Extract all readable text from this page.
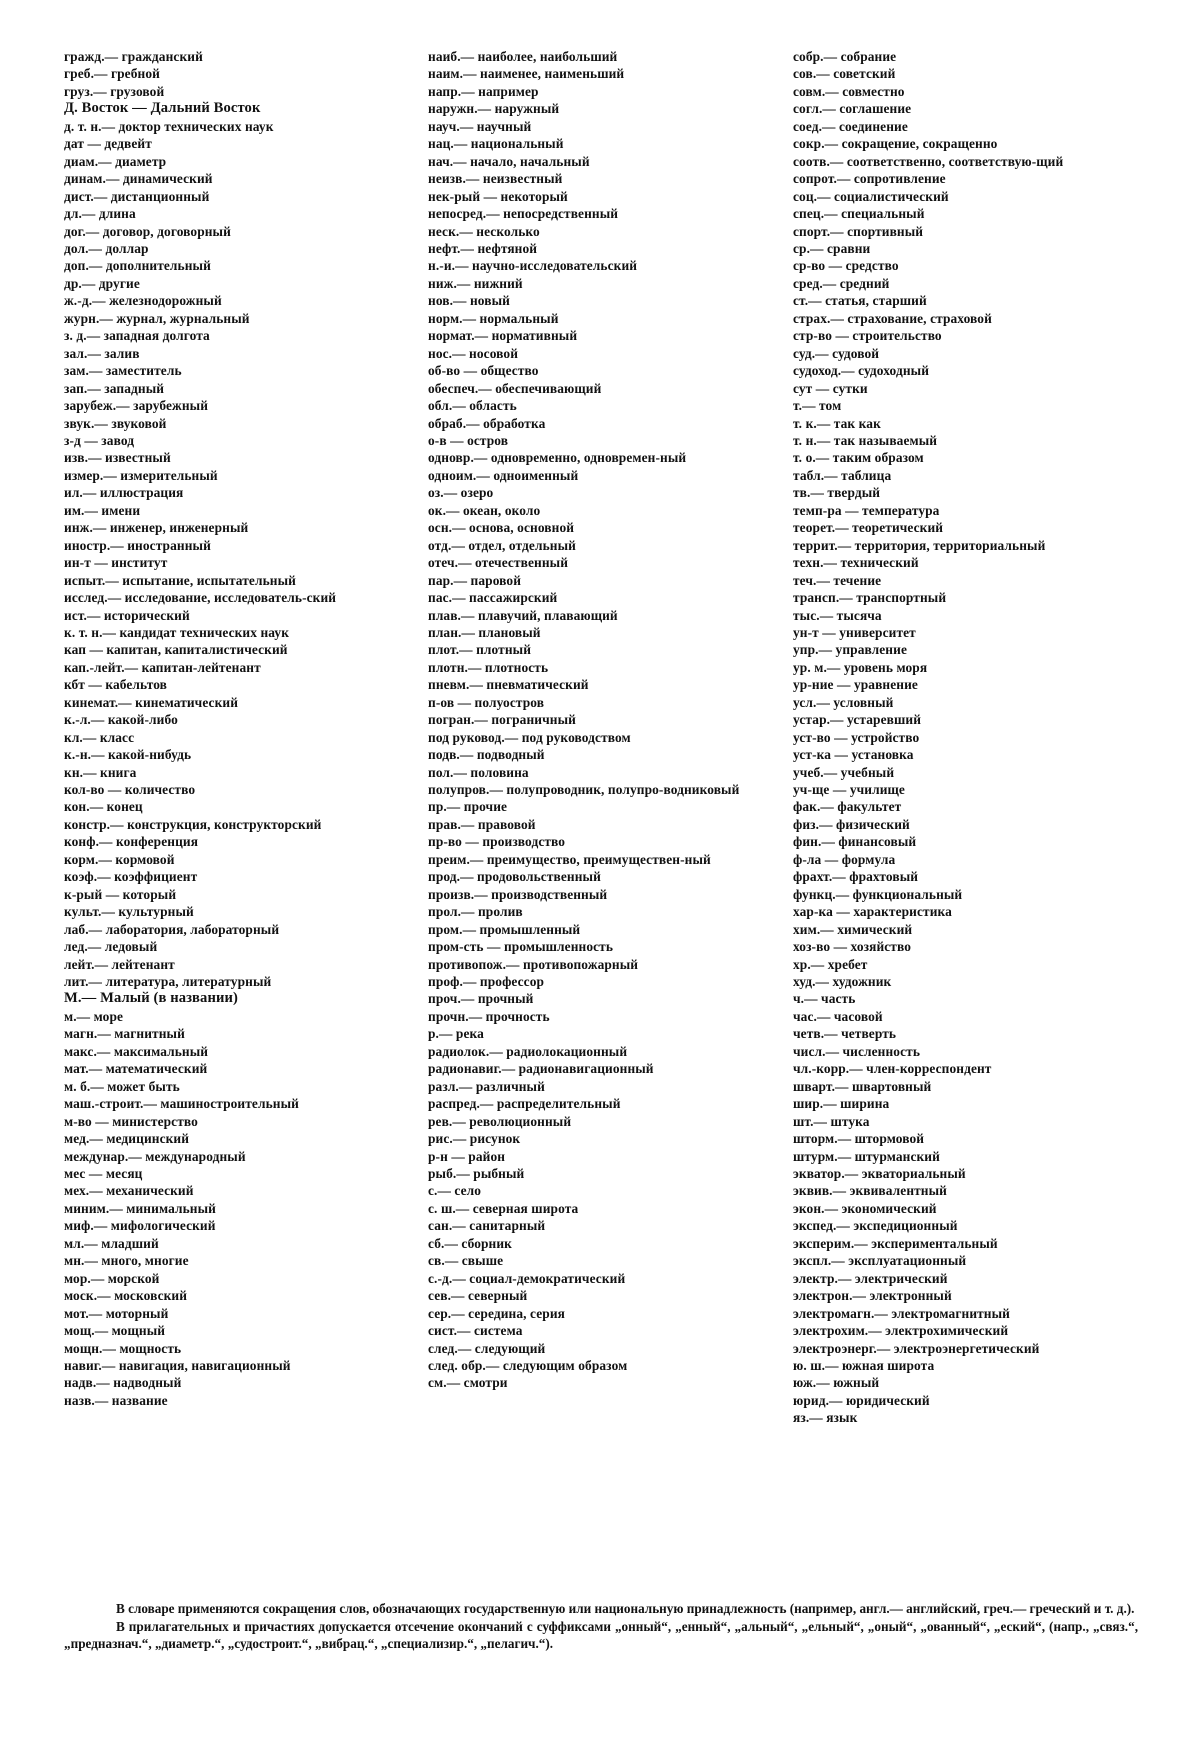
гражд.— гражданский

греб.— гребной

груз.— грузовой

Д. Восток — Дальний Восток

д. т. н.— доктор технических наук

дат — дедвейт

диам.— диаметр

динам.— динамический

дист.— дистанционный

дл.— длина

дог.— договор, договорный

дол.— доллар

доп.— дополнительный

др.— другие

ж.-д.— железнодорожный

журн.— журнал, журнальный

з. д.— западная долгота

зал.— залив

зам.— заместитель

зап.— западный

зарубеж.— зарубежный

звук.— звуковой

з-д — завод

изв.— известный

измер.— измерительный

ил.— иллюстрация

им.— имени

инж.— инженер, инженерный

иностр.— иностранный

ин-т — институт

испыт.— испытание, испытательный

исслед.— исследование, исследователь-ский

ист.— исторический

к. т. н.— кандидат технических наук

кап — капитан, капиталистический

кап.-лейт.— капитан-лейтенант

кбт — кабельтов

кинемат.— кинематический

к.-л.— какой-либо

кл.— класс

к.-н.— какой-нибудь

кн.— книга

кол-во — количество

кон.— конец

констр.— конструкция, конструкторский

конф.— конференция

корм.— кормовой

коэф.— коэффициент

к-рый — который

культ.— культурный

лаб.— лаборатория, лабораторный

лед.— ледовый

лейт.— лейтенант

лит.— литература, литературный

М.— Малый (в названии)

м.— море

магн.— магнитный

макс.— максимальный

мат.— математический

м. б.— может быть

маш.-строит.— машиностроительный

м-во — министерство

мед.— медицинский

междунар.— международный

мес — месяц

мех.— механический

миним.— минимальный

миф.— мифологический

мл.— младший

мн.— много, многие

мор.— морской

моск.— московский

мот.— моторный

мощ.— мощный

мощн.— мощность

навиг.— навигация, навигационный

надв.— надводный

назв.— название

наиб.— наиболее, наибольший

наим.— наименее, наименьший

напр.— например

наружн.— наружный

науч.— научный

нац.— национальный

нач.— начало, начальный

неизв.— неизвестный

нек-рый — некоторый

непосред.— непосредственный

неск.— несколько

нефт.— нефтяной

н.-и.— научно-исследовательский

ниж.— нижний

нов.— новый

норм.— нормальный

нормат.— нормативный

нос.— носовой

об-во — общество

обеспеч.— обеспечивающий

обл.— область

обраб.— обработка

о-в — остров

одновр.— одновременно, одновремен-ный

одноим.— одноименный

оз.— озеро

ок.— океан, около

осн.— основа, основной

отд.— отдел, отдельный

отеч.— отечественный

пар.— паровой

пас.— пассажирский

плав.— плавучий, плавающий

план.— плановый

плот.— плотный

плотн.— плотность

пневм.— пневматический

п-ов — полуостров

погран.— пограничный

под руковод.— под руководством

подв.— подводный

пол.— половина

полупров.— полупроводник, полупро-водниковый

пр.— прочие

прав.— правовой

пр-во — производство

преим.— преимущество, преимуществен-ный

прод.— продовольственный

произв.— производственный

прол.— пролив

пром.— промышленный

пром-сть — промышленность

противопож.— противопожарный

проф.— профессор

проч.— прочный

прочн.— прочность

р.— река

радиолок.— радиолокационный

радионавиг.— радионавигационный

разл.— различный

распред.— распределительный

рев.— революционный

рис.— рисунок

р-н — район

рыб.— рыбный

с.— село

с. ш.— северная широта

сан.— санитарный

сб.— сборник

св.— свыше

с.-д.— социал-демократический

сев.— северный

сер.— середина, серия

сист.— система

след.— следующий

след. обр.— следующим образом

см.— смотри

собр.— собрание

сов.— советский

совм.— совместно

согл.— соглашение

соед.— соединение

сокр.— сокращение, сокращенно

соотв.— соответственно, соответствую-щий

сопрот.— сопротивление

соц.— социалистический

спец.— специальный

спорт.— спортивный

ср.— сравни

ср-во — средство

сред.— средний

ст.— статья, старший

страх.— страхование, страховой

стр-во — строительство

суд.— судовой

судоход.— судоходный

сут — сутки

т.— том

т. к.— так как

т. н.— так называемый

т. о.— таким образом

табл.— таблица

тв.— твердый

темп-ра — температура

теорет.— теоретический

террит.— территория, территориальный

техн.— технический

теч.— течение

трансп.— транспортный

тыс.— тысяча

ун-т — университет

упр.— управление

ур. м.— уровень моря

ур-ние — уравнение

усл.— условный

устар.— устаревший

уст-во — устройство

уст-ка — установка

учеб.— учебный

уч-ще — училище

фак.— факультет

физ.— физический

фин.— финансовый

ф-ла — формула

фрахт.— фрахтовый

функц.— функциональный

хар-ка — характеристика

хим.— химический

хоз-во — хозяйство

хр.— хребет

худ.— художник

ч.— часть

час.— часовой

четв.— четверть

числ.— численность

чл.-корр.— член-корреспондент

шварт.— швартовный

шир.— ширина

шт.— штука

шторм.— штормовой

штурм.— штурманский

экватор.— экваториальный

эквив.— эквивалентный

экон.— экономический

экспед.— экспедиционный

эксперим.— экспериментальный

экспл.— эксплуатационный

электр.— электрический

электрон.— электронный

электромагн.— электромагнитный

электрохим.— электрохимический

электроэнерг.— электроэнергетический

ю. ш.— южная широта

юж.— южный

юрид.— юридический

яз.— язык

В словаре применяются сокращения слов, обозначающих государственную или национальную принадлежность (например, англ.— английский, греч.— греческий и т. д.).

В прилагательных и причастиях допускается отсечение окончаний с суффиксами „онный“, „енный“, „альный“, „ельный“, „оный“, „ованный“, „еский“, (напр., „связ.“, „предназнач.“, „диаметр.“, „судостроит.“, „вибрац.“, „специализир.“, „пелагич.“).
